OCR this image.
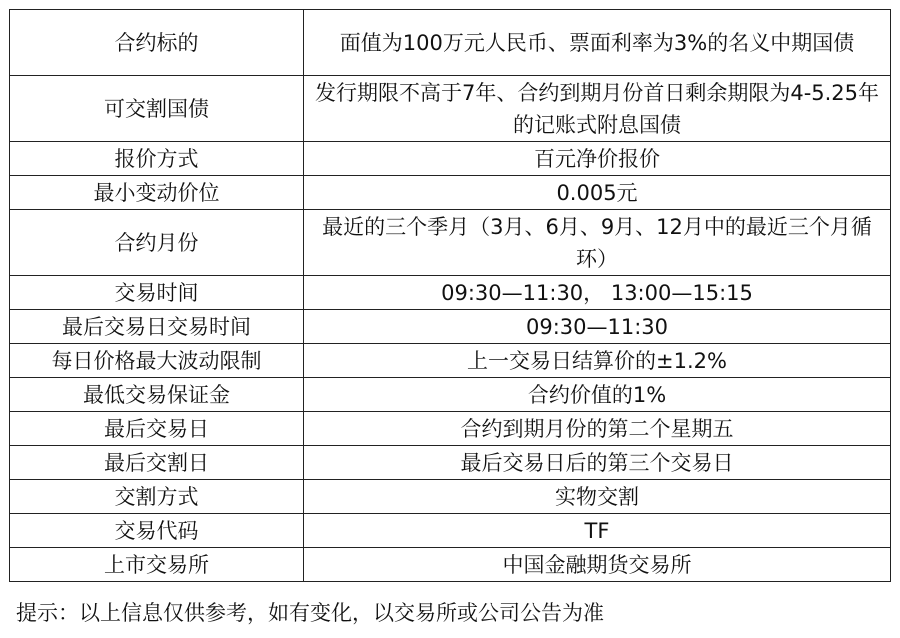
合约标的	面值为100万元人民币、票面利率为3%的名义中期国债
可交割国债	发行期限不高于7年、合约到期月份首日剩余期限为4-5.25年的记账式附息国债
报价方式	百元净价报价
最小变动价位	0.005元
合约月份	最近的三个季月（3月、6月、9月、12月中的最近三个月循环）
交易时间	09:30—11:30， 13:00—15:15
最后交易日交易时间	09:30—11:30
每日价格最大波动限制	上一交易日结算价的±1.2%
最低交易保证金	合约价值的1%
最后交易日	合约到期月份的第二个星期五
最后交割日	最后交易日后的第三个交易日
交割方式	实物交割
交易代码	TF
上市交易所	中国金融期货交易所
提示：以上信息仅供参考，如有变化，以交易所或公司公告为准
